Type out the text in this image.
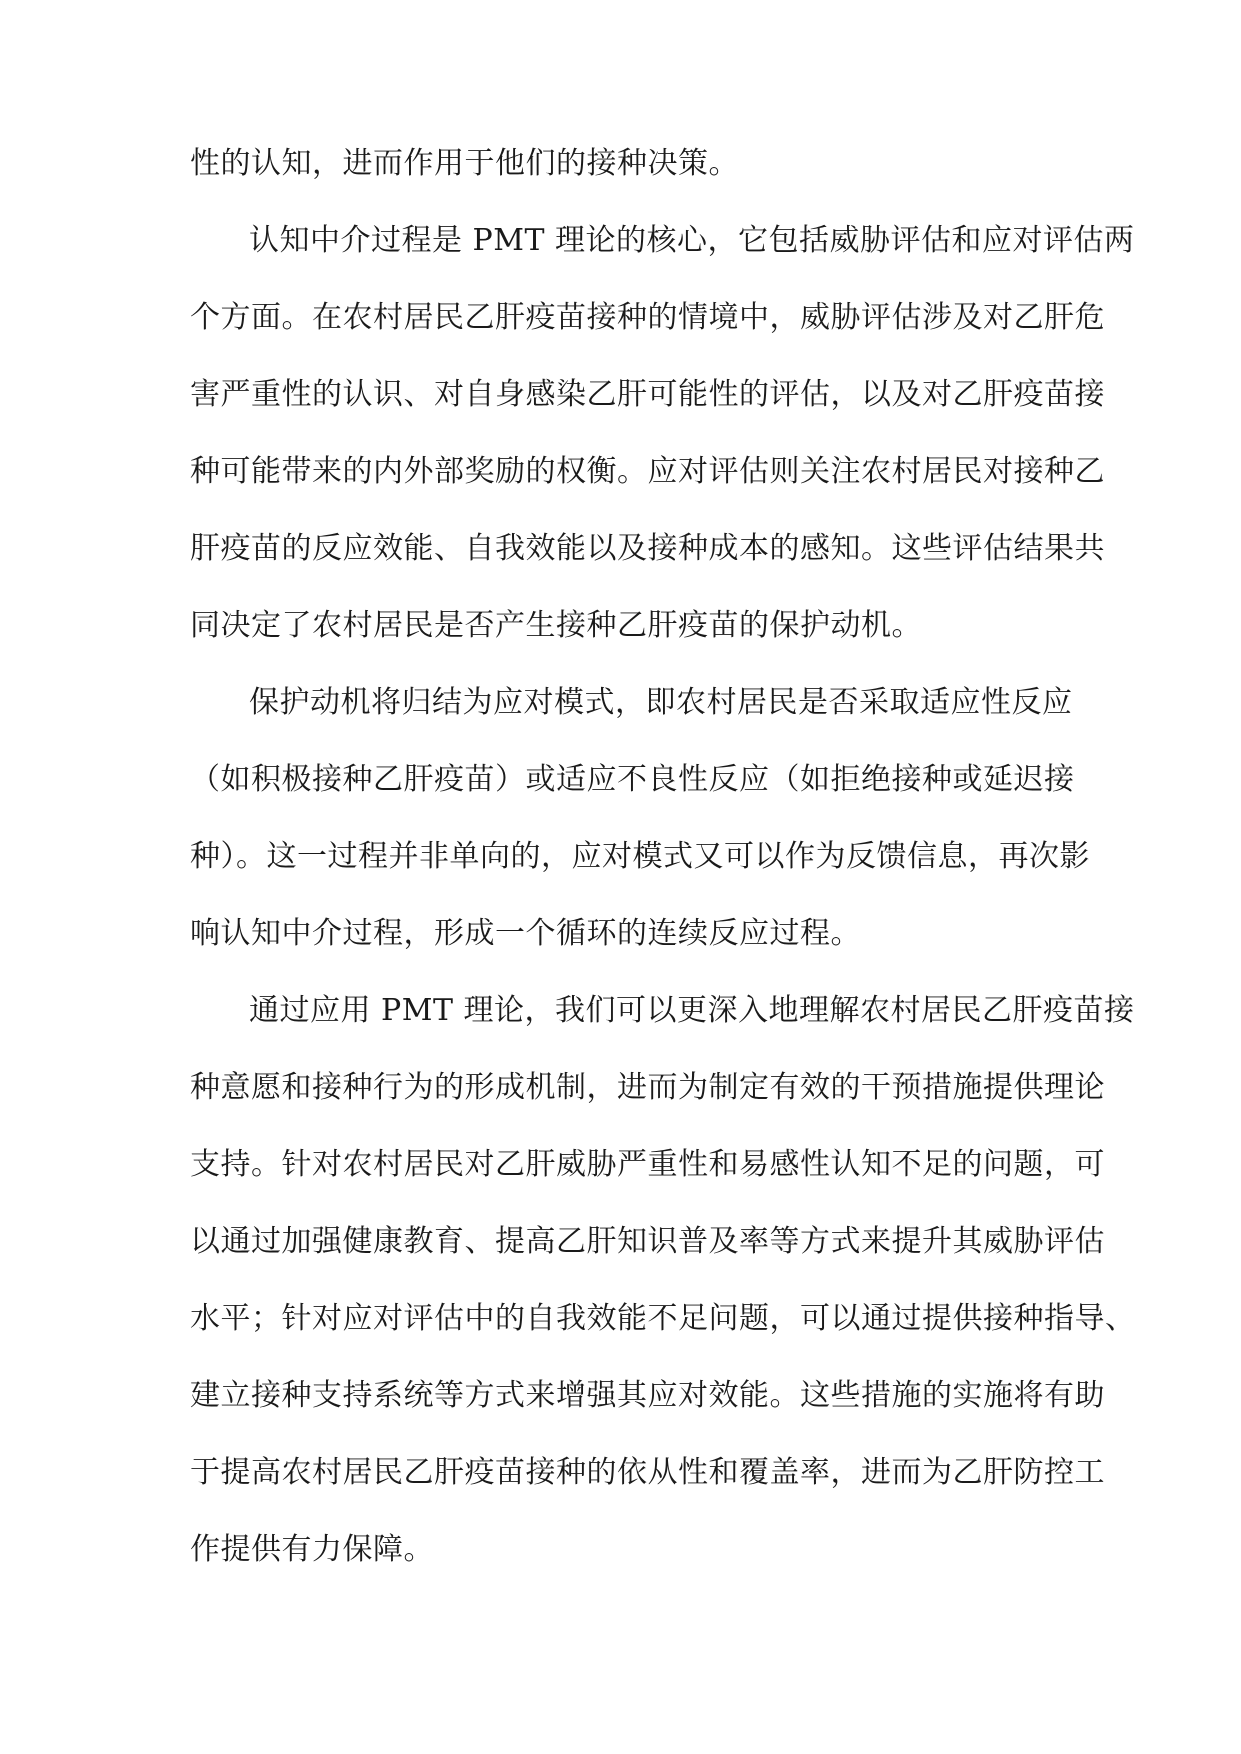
性的认知，进而作用于他们的接种决策。
认知中介过程是 PMT 理论的核心，它包括威胁评估和应对评估两
个方面。在农村居民乙肝疫苗接种的情境中，威胁评估涉及对乙肝危
害严重性的认识、对自身感染乙肝可能性的评估，以及对乙肝疫苗接
种可能带来的内外部奖励的权衡。应对评估则关注农村居民对接种乙
肝疫苗的反应效能、自我效能以及接种成本的感知。这些评估结果共
同决定了农村居民是否产生接种乙肝疫苗的保护动机。
保护动机将归结为应对模式，即农村居民是否采取适应性反应
（如积极接种乙肝疫苗）或适应不良性反应（如拒绝接种或延迟接
种）。这一过程并非单向的，应对模式又可以作为反馈信息，再次影
响认知中介过程，形成一个循环的连续反应过程。
通过应用 PMT 理论，我们可以更深入地理解农村居民乙肝疫苗接
种意愿和接种行为的形成机制，进而为制定有效的干预措施提供理论
支持。针对农村居民对乙肝威胁严重性和易感性认知不足的问题，可
以通过加强健康教育、提高乙肝知识普及率等方式来提升其威胁评估
水平；针对应对评估中的自我效能不足问题，可以通过提供接种指导、
建立接种支持系统等方式来增强其应对效能。这些措施的实施将有助
于提高农村居民乙肝疫苗接种的依从性和覆盖率，进而为乙肝防控工
作提供有力保障。
